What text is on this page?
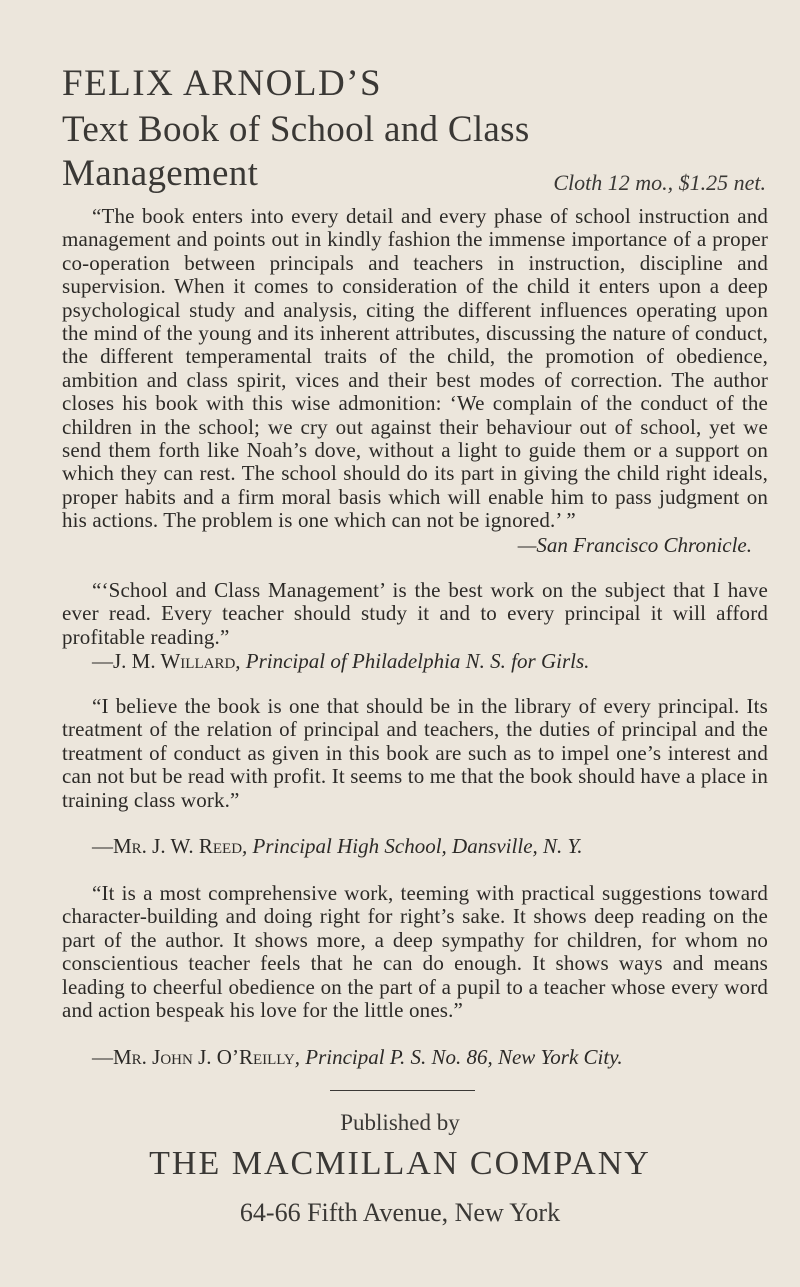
FELIX ARNOLD’S
Text Book of School and Class
Management	Cloth 12 mo., $1.25 net.

“The book enters into every detail and every phase of school instruction and management and points out in kindly fashion the immense importance of a proper co-operation between principals and teachers in instruction, discipline and supervision. When it comes to consideration of the child it enters upon a deep psychological study and analysis, citing the different influences operating upon the mind of the young and its inherent attributes, discussing the nature of conduct, the different temperamental traits of the child, the promotion of obedience, ambition and class spirit, vices and their best modes of correction. The author closes his book with this wise admonition: ‘We complain of the conduct of the children in the school; we cry out against their behaviour out of school, yet we send them forth like Noah’s dove, without a light to guide them or a support on which they can rest. The school should do its part in giving the child right ideals, proper habits and a firm moral basis which will enable him to pass judgment on his actions. The problem is one which can not be ignored.’ ”

—San Francisco Chronicle.

“‘School and Class Management’ is the best work on the subject that I have ever read. Every teacher should study it and to every principal it will afford profitable reading.”

—J. M. Willard, Principal of Philadelphia N. S. for Girls.

“I believe the book is one that should be in the library of every principal. Its treatment of the relation of principal and teachers, the duties of principal and the treatment of conduct as given in this book are such as to impel one’s interest and can not but be read with profit. It seems to me that the book should have a place in training class work.”

—Mr. J. W. Reed, Principal High School, Dansville, N. Y.

“It is a most comprehensive work, teeming with practical suggestions toward character-building and doing right for right’s sake. It shows deep reading on the part of the author. It shows more, a deep sympathy for children, for whom no conscientious teacher feels that he can do enough. It shows ways and means leading to cheerful obedience on the part of a pupil to a teacher whose every word and action bespeak his love for the little ones.”

—Mr. John J. O’Reilly, Principal P. S. No. 86, New York City.
Published by
THE MACMILLAN COMPANY
64-66 Fifth Avenue, New York
